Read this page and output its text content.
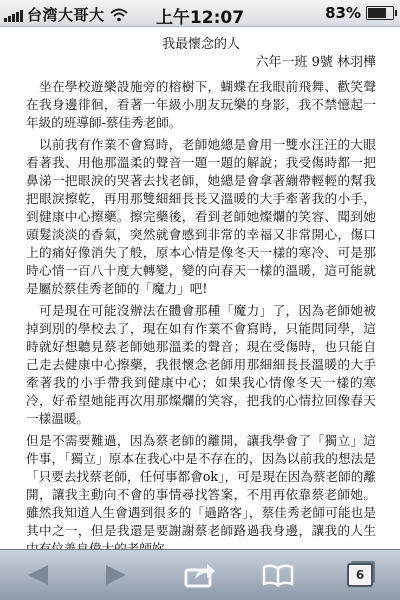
台湾大哥大	上午12:07	83%
我最懷念的人
六年一班 9號 林羽樺

　坐在學校遊樂設施旁的榕樹下，蝴蝶在我眼前飛舞、歡笑聲在我身邊徘徊，看著一年級小朋友玩樂的身影，我不禁憶起一年級的班導師-蔡佳秀老師。

　以前我有作業不會寫時，老師她總是會用一雙水汪汪的大眼看著我、用他那溫柔的聲音一題一題的解說；我受傷時都一把鼻涕一把眼淚的哭著去找老師，她總是會拿著繃帶輕輕的幫我把眼淚擦乾，再用那雙細細長長又溫暖的大手牽著我的小手，到健康中心擦藥。擦完藥後，看到老師她燦爛的笑容、聞到她頭髮淡淡的香氣，突然就會感到非常的幸福又非常開心，傷口上的痛好像消失了般，原本心情是像冬天一樣的寒冷、可是那時心情一百八十度大轉變，變的向春天一樣的溫暖，這可能就是屬於蔡佳秀老師的「魔力」吧!

　可是現在可能沒辦法在體會那種「魔力」了，因為老師她被掉到別的學校去了，現在如有作業不會寫時，只能問同學，這時就好想聽見蔡老師她那溫柔的聲音；現在受傷時，也只能自己走去健康中心擦藥，我很懷念老師用那細細長長溫暖的大手牽著我的小手帶我到健康中心；如果我心情像冬天一樣的寒冷，好希望她能再次用那燦爛的笑容，把我的心情拉回像春天一樣溫暖。

但是不需要難過，因為蔡老師的離開，讓我學會了「獨立」這件事，「獨立」原本在我心中是不存在的，因為以前我的想法是「只要去找蔡老師，任何事都會ok」，可是現在因為蔡老師的離開，讓我主動向不會的事情尋找答案，不用再依靠蔡老師她。雖然我知道人生會遇到很多的「過路客」，蔡佳秀老師可能也是其中之一，但是我還是要謝謝蔡老師路過我身邊，讓我的人生

6
